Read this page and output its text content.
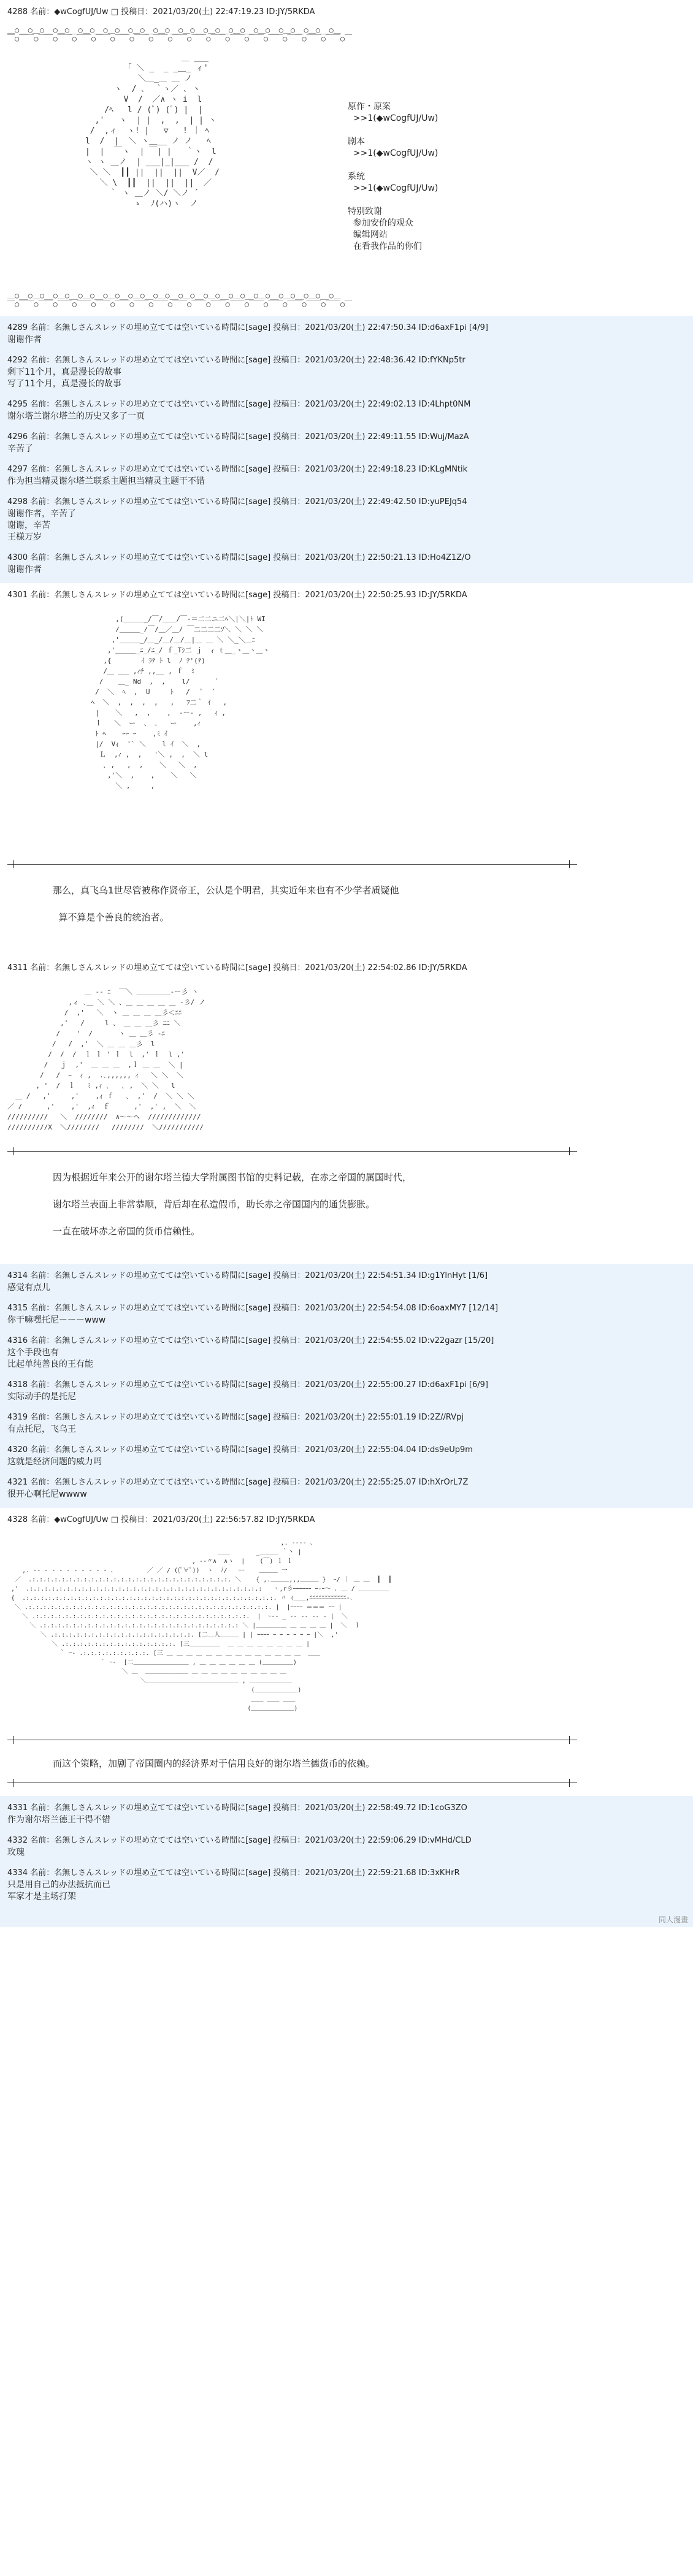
4288 名前：◆wCogfUJ/Uw □ 投稿日：2021/03/20(土) 22:47:19.23 ID:JY/5RKDA
＿○__○＿○__○＿○__○＿○__○＿○__○＿○__○＿○__○＿○__○＿○__○＿○__○＿○__○＿○__○＿○__○＿
￣○￣￣○￣￣○￣￣○￣￣○￣￣○￣￣○￣￣○￣￣○￣￣○￣￣○￣￣○￣￣○￣￣○￣￣○￣￣○￣￣○￣￣○￣
＿ ___
「 ＼ _  _ _＿_ ィ'
＼＿_＿ ＿ ノ
ヽ  / ､  ｀ヽ／ ､ ヽ
V  /  ／∧ ヽ i  l
/ﾍ   l / (ﾟ) (ﾟ) |  |
,'   ヽ  | |  ,  ,  | | ヽ
/  ,ィ  ヽ! |   ▽   ! ｜ ﾍ
l  /  |  ＼ ヽ＿__ ノ ノ   ﾍ
|  |  ￣ヽ  | ￣| |   ｀ヽ  l
ヽ ヽ ＿ノ  | ___|_|___ /  /
＼ ＼  ┃┃ ||  ||  ||  V／  /
＼ \  ┃┃  ||  ||  ||  ／
｀ ヽ ＿ノ ＼/ ＼ノ ´
ゝ  ﾉ(ハ)ヽ  ノ
原作・原案
>>1(◆wCogfUJ/Uw)

剧本
>>1(◆wCogfUJ/Uw)

系统
>>1(◆wCogfUJ/Uw)

特别致谢
参加安价的观众
编辑网站
在看我作品的你们
＿○__○＿○__○＿○__○＿○__○＿○__○＿○__○＿○__○＿○__○＿○__○＿○__○＿○__○＿○__○＿○__○＿
￣○￣￣○￣￣○￣￣○￣￣○￣￣○￣￣○￣￣○￣￣○￣￣○￣￣○￣￣○￣￣○￣￣○￣￣○￣￣○￣￣○￣￣○￣
4289 名前：名無しさんスレッドの埋め立てては空いている時間に[sage] 投稿日：2021/03/20(土) 22:47:50.34 ID:d6axF1pi [4/9]
谢谢作者
4292 名前：名無しさんスレッドの埋め立てては空いている時間に[sage] 投稿日：2021/03/20(土) 22:48:36.42 ID:fYKNp5tr
剩下11个月，真是漫长的故事
写了11个月，真是漫长的故事
4295 名前：名無しさんスレッドの埋め立てては空いている時間に[sage] 投稿日：2021/03/20(土) 22:49:02.13 ID:4Lhpt0NM
谢尔塔兰谢尔塔兰的历史又多了一页
4296 名前：名無しさんスレッドの埋め立てては空いている時間に[sage] 投稿日：2021/03/20(土) 22:49:11.55 ID:Wuj/MazA
辛苦了
4297 名前：名無しさんスレッドの埋め立てては空いている時間に[sage] 投稿日：2021/03/20(土) 22:49:18.23 ID:KLgMNtik
作为担当精灵谢尔塔兰联系主题担当精灵主题干不错
4298 名前：名無しさんスレッドの埋め立てては空いている時間に[sage] 投稿日：2021/03/20(土) 22:49:42.50 ID:yuPEJq54
谢谢作者，辛苦了
谢谢，辛苦
王様万岁
4300 名前：名無しさんスレッドの埋め立てては空いている時間に[sage] 投稿日：2021/03/20(土) 22:50:21.13 ID:Ho4Z1Z/O
谢谢作者
4301 名前：名無しさんスレッドの埋め立てては空いている時間に[sage] 投稿日：2021/03/20(土) 22:50:25.93 ID:JY/5RKDA
,(＿＿＿_/￣/＿＿/￣-＝二二ニ二ﾍ＼|＼|ﾄ WI
/＿＿＿_/￣/＿／＿/ ￣二二二二ｿ＼ ＼ ＼ ＼
,'＿＿＿_/＿_/＿/＿/＿|＿ ＿ ＼ ＼_＼＿ﾆ
,'＿＿＿_ﾆ_/ﾆ_/ ｆ_Tｼ二 ｊ  ｨ ｔ＿_ヽ＿ヽ＿ヽ
,{   　　 ｲ ﾗﾃ ﾄ l  ﾉ ﾃ'(ﾃ)
/＿ ＿_ ,ｨﾁ ,,__ , ｆ  ﾐ
/  　＿_ Nd  ,  ,    l/      ´
/  ＼  ﾍ  ,  U     ﾄ   /   ﾟ  ´
ﾍ  ＼  ,  ,  ,  ,   ,   ﾌ二｀ ｲ   ,
|    ＼   ,  ,    ,  -ー- ,   ｨ ,
ｌ   ＼  ー  、 ､   ー    ,ｨ
ﾄ ﾍ    ｰｰ ｰ    ,ﾐ ｲ
|/  Vｨ  '` ＼    l ｲ  ＼  ,
Ｌ  ,ｨ ,  ,   '＼ ,  ,  ＼ l
､ ,   ,  ,    ＼   ＼  ,
,'＼  ,    ,    ＼   ＼
＼ ,     ,
那么，真飞乌1世尽管被称作贤帝王，公认是个明君，其实近年来也有不少学者质疑他

算不算是个善良的统治者。
4311 名前：名無しさんスレッドの埋め立てては空いている時間に[sage] 投稿日：2021/03/20(土) 22:54:02.86 ID:JY/5RKDA
＿ -‐ ﾆ  ￣＼ ＿＿＿＿＿-ー彡 ヽ
,ィ ､＿ ＼ ＼ 、＿ ＿ ＿ ＿ ＿ -彡/ ノ
/  ,'   ＼  ヽ ＿ ＿ ＿ ＿彡＜ﾆﾆ
,'   /     l 、 ＿ ＿ ＿彡 ﾆﾆ ＼
/    '  /  　　 ヽ ＿ ＿彡 ‐ﾆ
/   /  ,'  ＼ ＿ ＿ ＿彡  l
/  /  /  ｌ ｌ ' ｌ  l  ,' ｌ  l ,'
/   ｊ  ,'  ＿ ＿ ＿  ,ｌ ＿ ＿  ＼ |
/   /  ｰ  ｨ ,  .､,,,,,, ｨ   ＼ ＼  ＼
, '  /  ｌ   ﾐ ,ｨ ､   ､ ,  ＼ ＼   l
＿ /   ,'     ,'    ,ｨ ｆ   ､  ,'  /  ＼ ＼ ＼
／ /      ,'    ,'  ,ｨ  ｆ      ,'  ,' ,  ＼  ＼
//////////   ＼  ////////  ∧〜〜ヘ  /////////////
//////////X  ＼////////   ////////  ＼///////////
因为根据近年来公开的谢尔塔兰德大学附属图书馆的史料记载，在赤之帝国的属国时代，

谢尔塔兰表面上非常恭顺，背后却在私造假币，助长赤之帝国国内的通货膨胀。

一直在破坏赤之帝国的货币信赖性。
4314 名前：名無しさんスレッドの埋め立てては空いている時間に[sage] 投稿日：2021/03/20(土) 22:54:51.34 ID:g1YlnHyt [1/6]
感觉有点儿
4315 名前：名無しさんスレッドの埋め立てては空いている時間に[sage] 投稿日：2021/03/20(土) 22:54:54.08 ID:6oaxMY7 [12/14]
你干嘛嘿托尼ーーーwww
4316 名前：名無しさんスレッドの埋め立てては空いている時間に[sage] 投稿日：2021/03/20(土) 22:54:55.02 ID:v22gazr [15/20]
这个手段也有
比起单纯善良的王有能
4318 名前：名無しさんスレッドの埋め立てては空いている時間に[sage] 投稿日：2021/03/20(土) 22:55:00.27 ID:d6axF1pi [6/9]
实际动手的是托尼
4319 名前：名無しさんスレッドの埋め立てては空いている時間に[sage] 投稿日：2021/03/20(土) 22:55:01.19 ID:2Z//RVpj
有点托尼，飞乌王
4320 名前：名無しさんスレッドの埋め立てては空いている時間に[sage] 投稿日：2021/03/20(土) 22:55:04.04 ID:ds9eUp9m
这就是经济问题的威力吗
4321 名前：名無しさんスレッドの埋め立てては空いている時間に[sage] 投稿日：2021/03/20(土) 22:55:25.07 ID:hXrOrL7Z
很开心啊托尼wwww
4328 名前：◆wCogfUJ/Uw □ 投稿日：2021/03/20(土) 22:56:57.82 ID:JY/5RKDA
,. -‐‐- ､
＿＿       _＿＿＿ ｀丶 |
, -‐〃∧  ∧ヽ  |    (￣) ｌ ｌ
,. -‐ ‐ ‐ ‐ ‐ ‐ ‐ ‐ ‐ - ､         ／ ／ / ((ﾟ∀ﾟ))  ヽ  ﾉ/   ｰｰ    ＿＿＿ 一
／  .:.:.:.:.:.:.:.:.:.:.:.:.:.:.:.:.:.:.:.:.:.:.:.:.:.:.:. ＼    { ,.＿＿＿,,,＿＿＿ }  ｰ/ ｜ ＿ ＿  ┃  ┃
,'  .:.:.:.:.:.:.:.:.:.:.:.:.:.:.:.:.:.:.:.:.:.:.:.:.:.:.:.:.:.:.:.:   ヽ,r彡ｰｰｰｰｰｰ ｰ-ｰ〜 ､ ＿ / ＿＿＿＿＿
{  .:.:.:.:.:.:.:.:.:.:.:.:.:.:.:.:.:.:.:.:.:.:.:.:.:.:.:.:.:.:.:.:.:.:. 〃 ｨ＿＿,ﾆﾆﾆﾆﾆﾆﾆﾆﾆﾆﾆﾆ-､
＼ .:.:.:.:.:.:.:.:.:.:.:.:.:.:.:.:.:.:.:.:.:.:.:.:.:.:.:.:.:.:.:.:.:. |  |ｰｰｰｰ ＝＝＝ ｰｰ |
＼ .:.:.:.:.:.:.:.:.:.:.:.:.:.:.:.:.:.:.:.:.:.:.:.:.:.:.:.:.:.  |  ｰ‐‐ _ ‐‐ ‐‐ ‐‐ ‐ |  ＼
＼ .:.:.:.:.:.:.:.:.:.:.:.:.:.:.:.:.:.:.:.:.:.:.:.:.:.:.: ＼ |＿＿＿＿＿ ＿ ＿ ＿ ＿ |  ＼  ｌ
＼ .:.:.:.:.:.:.:.:.:.:.:.:.:.:.:.:.:.:.:. [二＿人＿＿＿ | | ｰｰｰｰ ｰ ｰ ｰ ｰ ｰ ｰ |＼  ,'
＼ .:.:.:.:.:.:.:.:.:.:.:.:.:.:.:. [三＿＿＿＿＿  ＿ ＿ ＿ ＿ ＿ ＿ ＿ ＿ |
｀ ｰ- .:.:.:.:.:.:.:.:.:. [三 ＿ ＿ ＿ ＿ ＿ ＿ ＿ ＿ ＿ ＿ ＿ ＿ ＿ ＿  ＿＿
｀ ｰ‐  [二＿＿＿＿＿＿＿＿＿ , ＿ ＿ ＿ ＿ ＿ ＿ (＿＿＿＿＿)
＼ ＿  ＿＿＿＿＿＿＿ ＿ ＿ ＿ ＿ ＿ ＿ ＿ ＿ ＿ ＿
＼＿＿＿＿＿＿＿＿＿＿＿＿＿＿＿ , ＿＿＿＿＿＿＿
(＿＿＿＿＿＿＿)
＿＿ ＿＿ ＿＿
(＿＿＿＿＿＿＿)
而这个策略，加剧了帝国圈内的经济界对于信用良好的谢尔塔兰德货币的依赖。
4331 名前：名無しさんスレッドの埋め立てては空いている時間に[sage] 投稿日：2021/03/20(土) 22:58:49.72 ID:1coG3ZO
作为谢尔塔兰德王干得不错
4332 名前：名無しさんスレッドの埋め立てては空いている時間に[sage] 投稿日：2021/03/20(土) 22:59:06.29 ID:vMHd/CLD
玫瑰
4334 名前：名無しさんスレッドの埋め立てては空いている時間に[sage] 投稿日：2021/03/20(土) 22:59:21.68 ID:3xKHrR
只是用自己的办法抵抗而已
军家才是主场打架
同人漫畫
